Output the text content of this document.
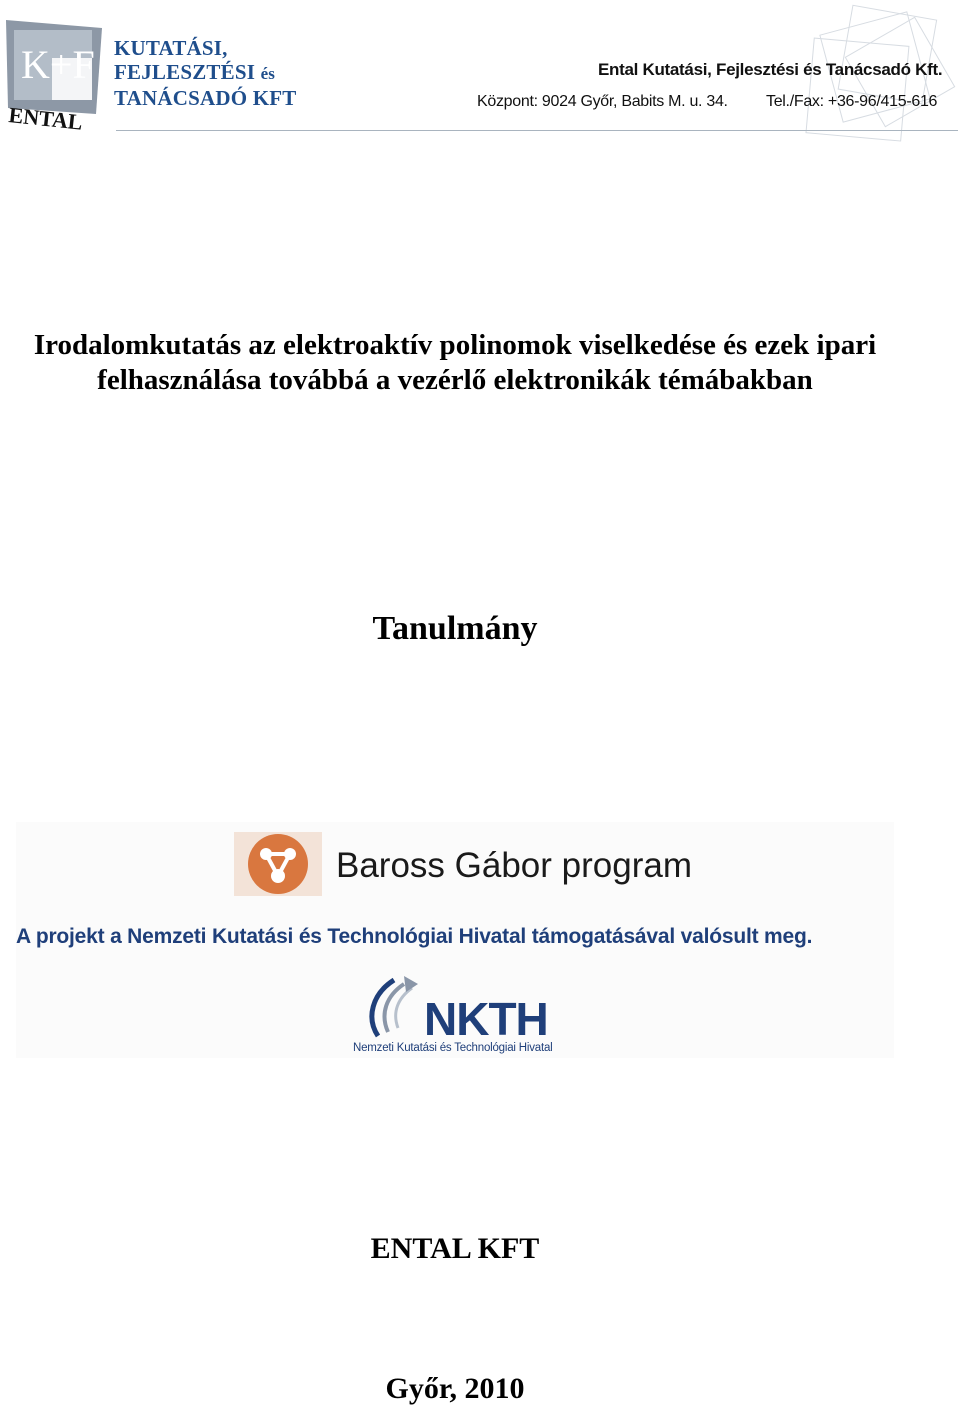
K+F
ENTAL
KUTATÁSI,
FEJLESZTÉSI és
TANÁCSADÓ KFT
Ental Kutatási, Fejlesztési és Tanácsadó Kft.
Központ: 9024 Győr, Babits M. u. 34. Tel./Fax: +36-96/415-616
Irodalomkutatás az elektroaktív polinomok viselkedése és ezek ipari
felhasználása továbbá a vezérlő elektronikák témábakban
Tanulmány
Baross Gábor program
A projekt a Nemzeti Kutatási és Technológiai Hivatal támogatásával valósult meg.
NKTH
Nemzeti Kutatási és Technológiai Hivatal
ENTAL KFT
Győr, 2010
